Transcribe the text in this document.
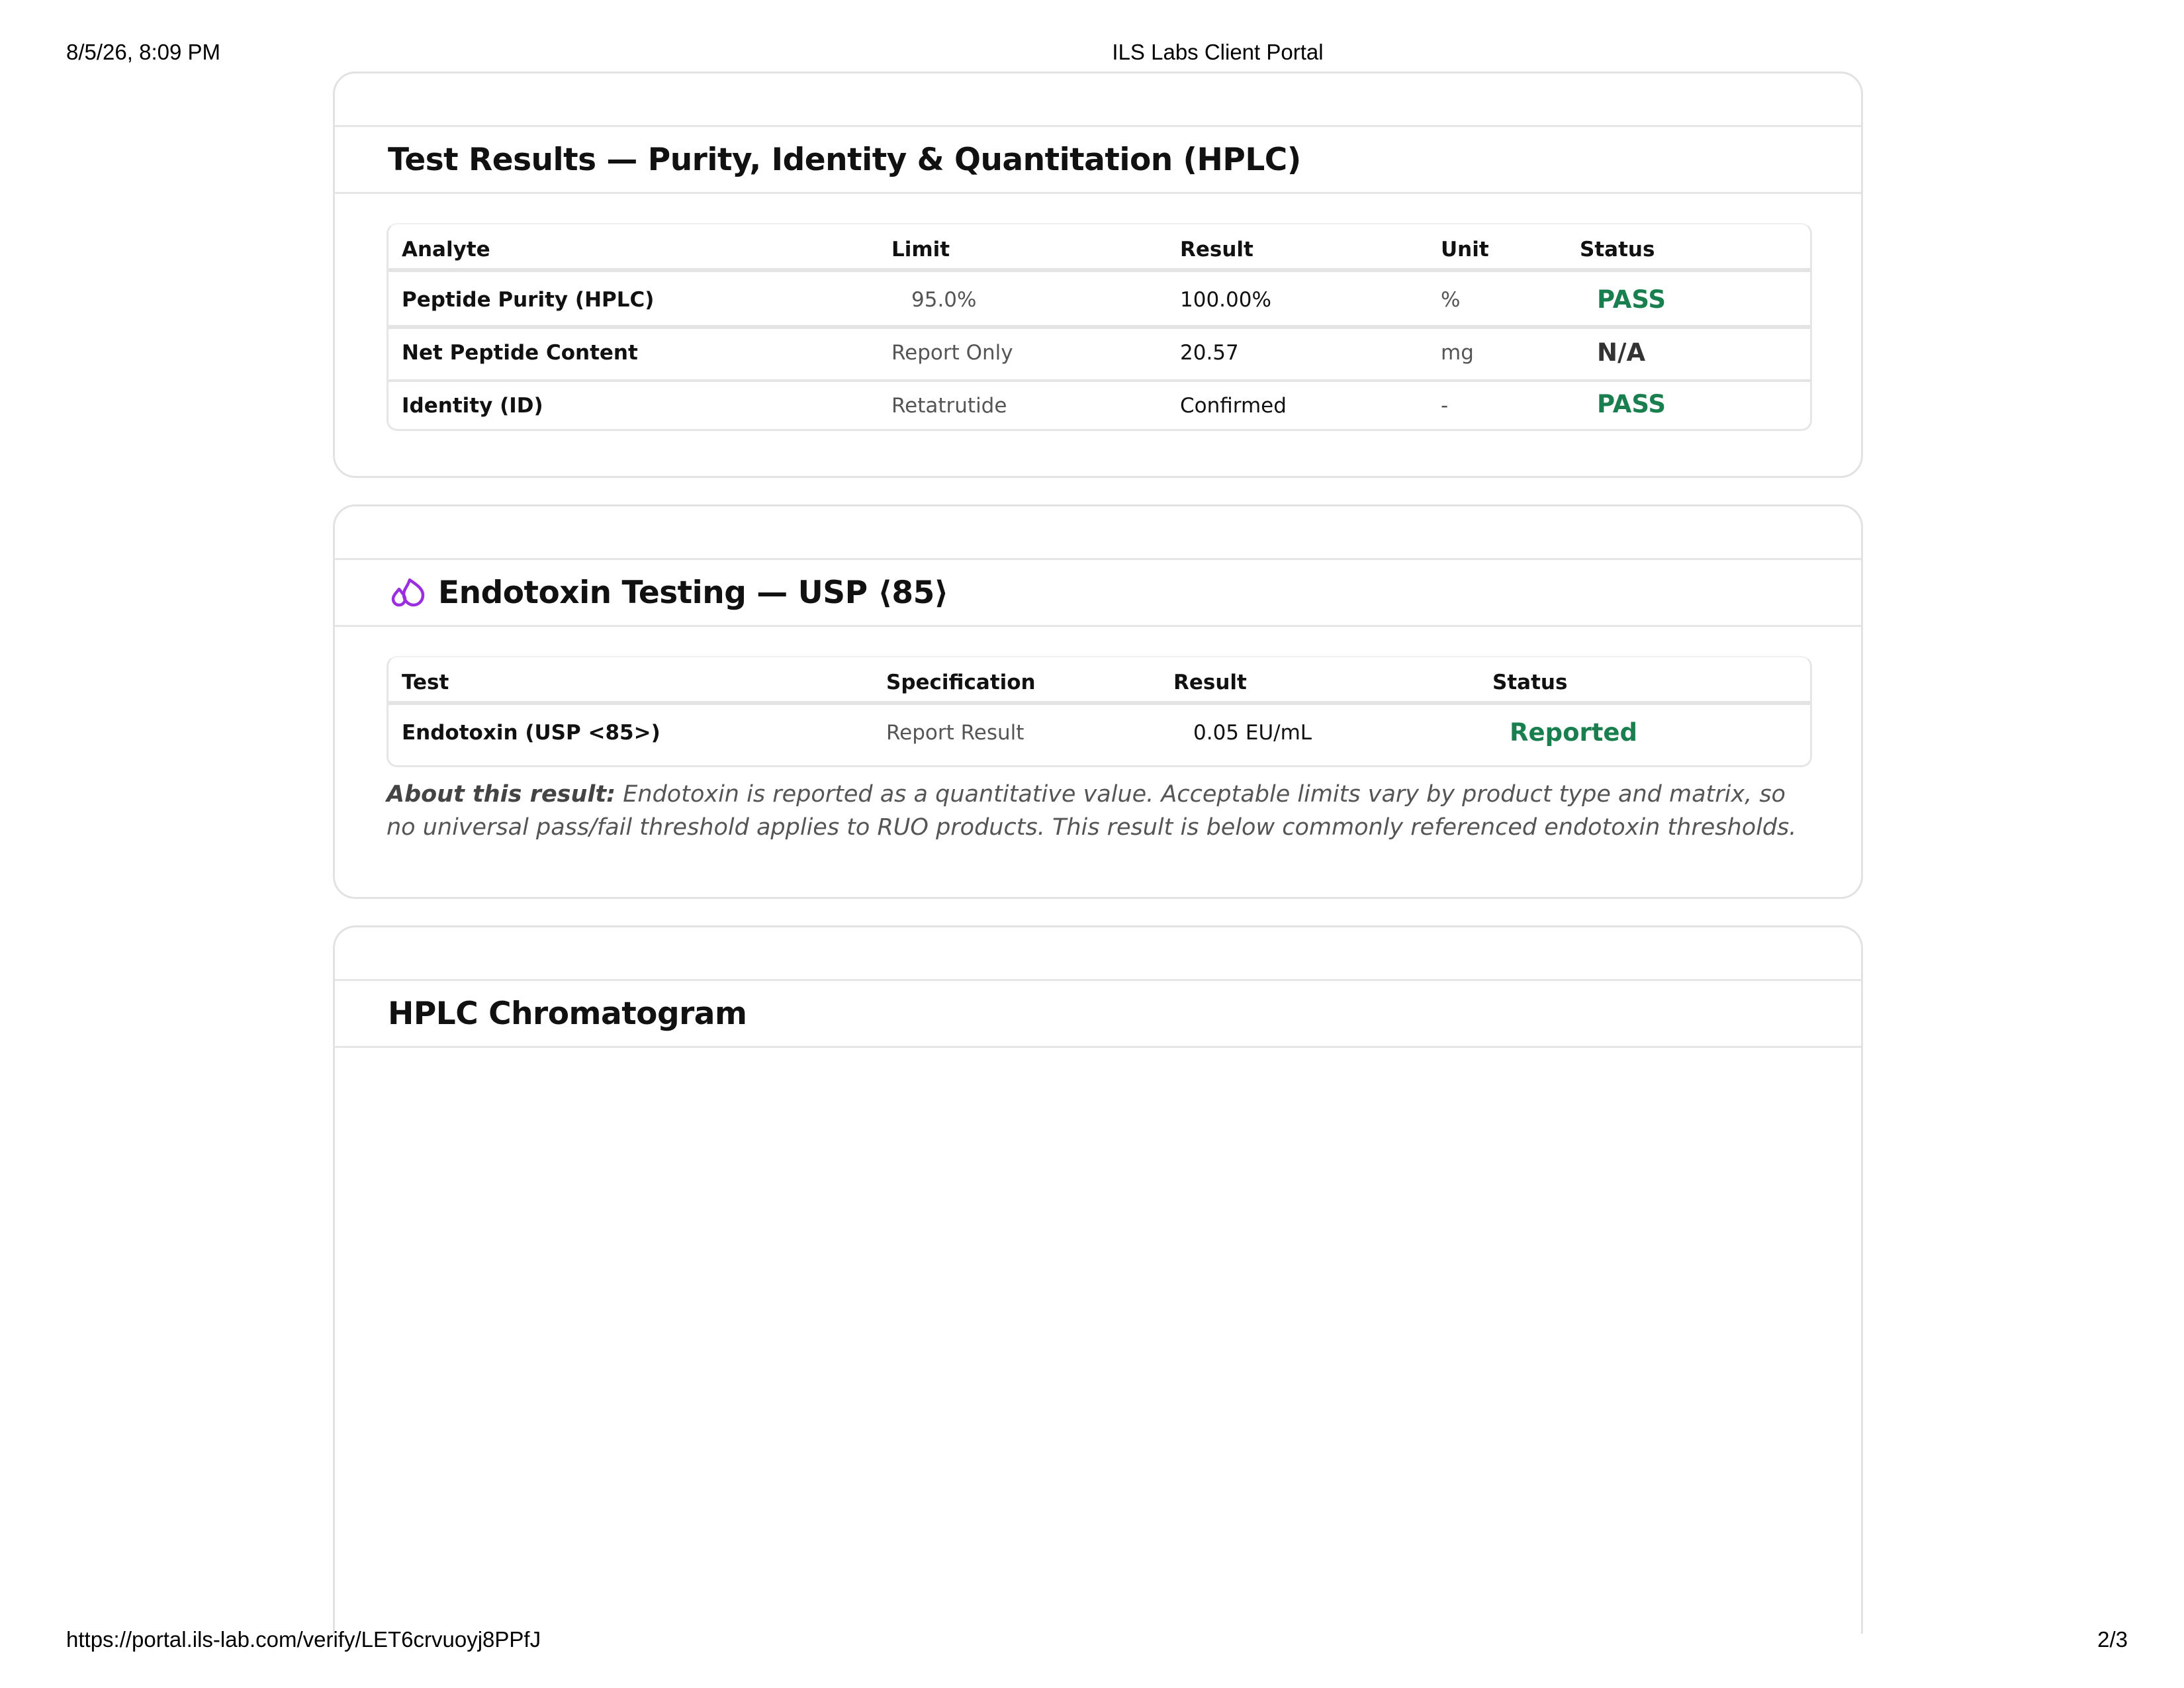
8/5/26, 8:09 PM	ILS Labs Client Portal
Test Results — Purity, Identity & Quantitation (HPLC)
Analyte	Limit	Result	Unit	Status
Peptide Purity (HPLC)	95.0%	100.00%	%	PASS
Net Peptide Content	Report Only	20.57	mg	N/A
Identity (ID)	Retatrutide	Confirmed	-	PASS
Endotoxin Testing — USP ⟨85⟩
Test	Specification	Result	Status
Endotoxin (USP <85>)	Report Result	0.05 EU/mL	Reported

About this result: Endotoxin is reported as a quantitative value. Acceptable limits vary by product type and matrix, so no universal pass/fail threshold applies to RUO products. This result is below commonly referenced endotoxin thresholds.

HPLC Chromatogram
https://portal.ils-lab.com/verify/LET6crvuoyj8PPfJ	2/3
